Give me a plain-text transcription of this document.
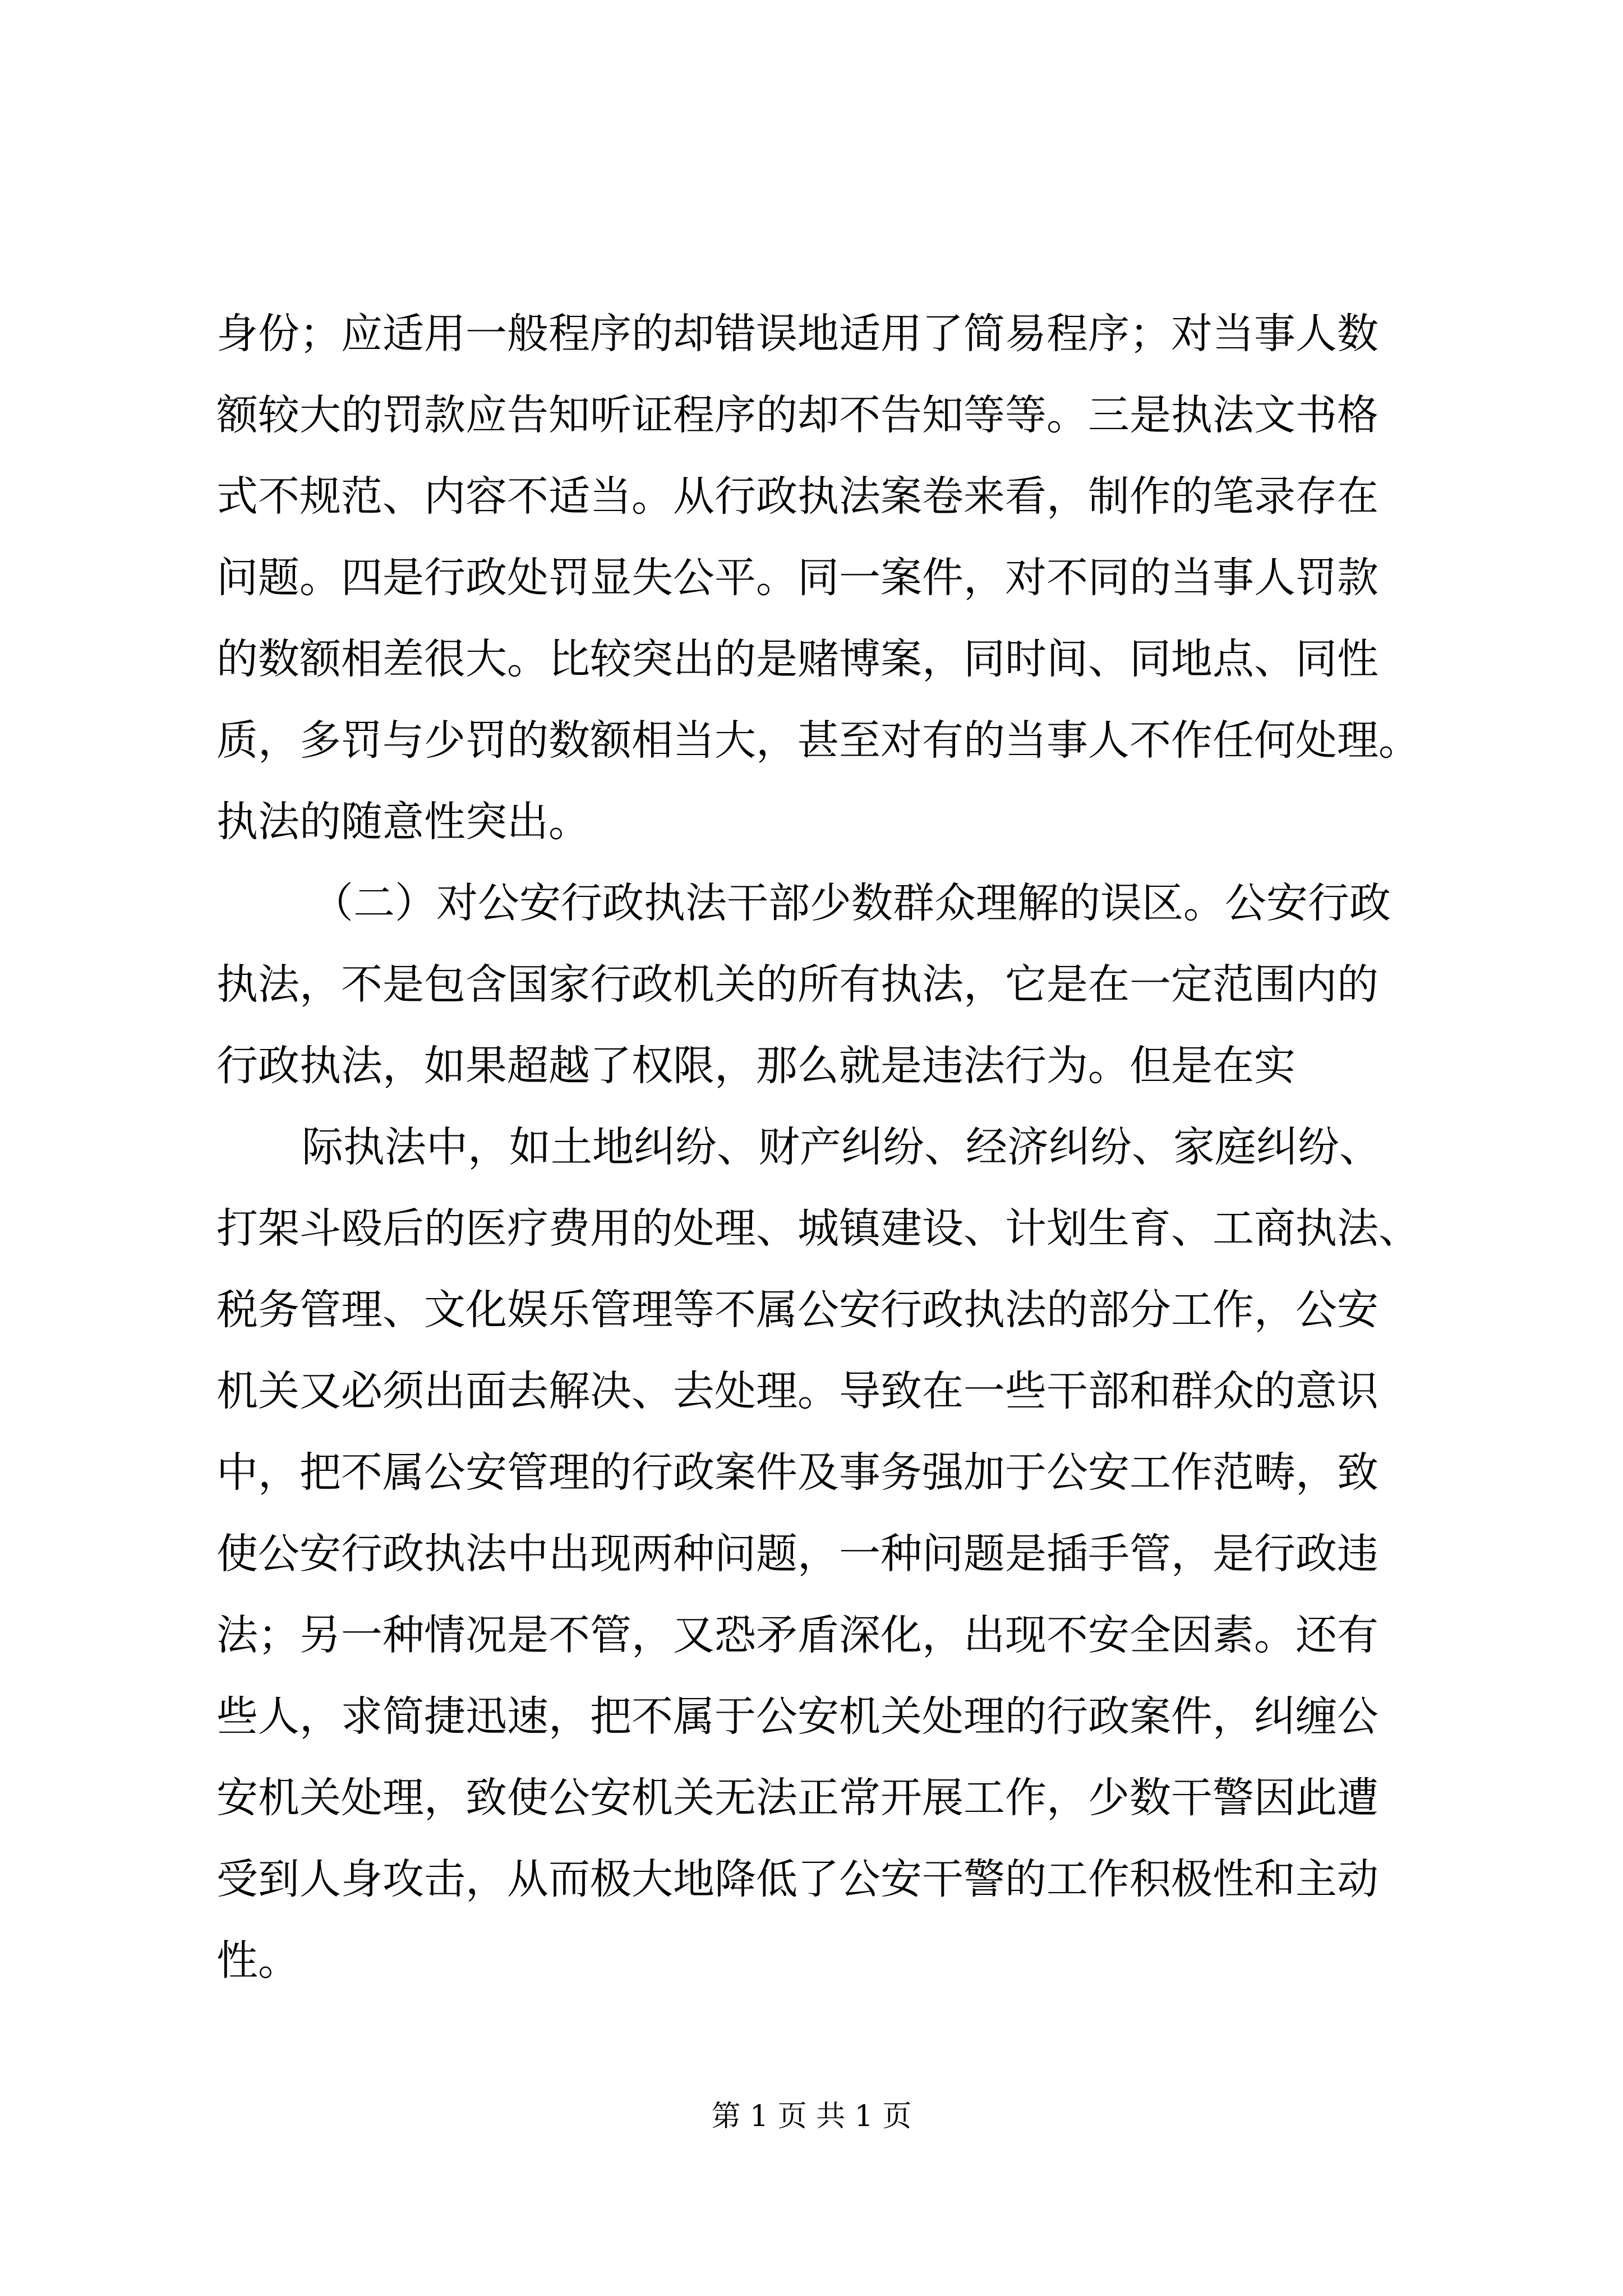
身份；应适用一般程序的却错误地适用了简易程序；对当事人数
额较大的罚款应告知听证程序的却不告知等等。三是执法文书格
式不规范、内容不适当。从行政执法案卷来看，制作的笔录存在
问题。四是行政处罚显失公平。同一案件，对不同的当事人罚款
的数额相差很大。比较突出的是赌博案，同时间、同地点、同性
质，多罚与少罚的数额相当大，甚至对有的当事人不作任何处理。
执法的随意性突出。
（二）对公安行政执法干部少数群众理解的误区。公安行政
执法，不是包含国家行政机关的所有执法，它是在一定范围内的
行政执法，如果超越了权限，那么就是违法行为。但是在实
际执法中，如土地纠纷、财产纠纷、经济纠纷、家庭纠纷、
打架斗殴后的医疗费用的处理、城镇建设、计划生育、工商执法、
税务管理、文化娱乐管理等不属公安行政执法的部分工作，公安
机关又必须出面去解决、去处理。导致在一些干部和群众的意识
中，把不属公安管理的行政案件及事务强加于公安工作范畴，致
使公安行政执法中出现两种问题，一种问题是插手管，是行政违
法；另一种情况是不管，又恐矛盾深化，出现不安全因素。还有
些人，求简捷迅速，把不属于公安机关处理的行政案件，纠缠公
安机关处理，致使公安机关无法正常开展工作，少数干警因此遭
受到人身攻击，从而极大地降低了公安干警的工作积极性和主动
性。
第 1 页 共 1 页
